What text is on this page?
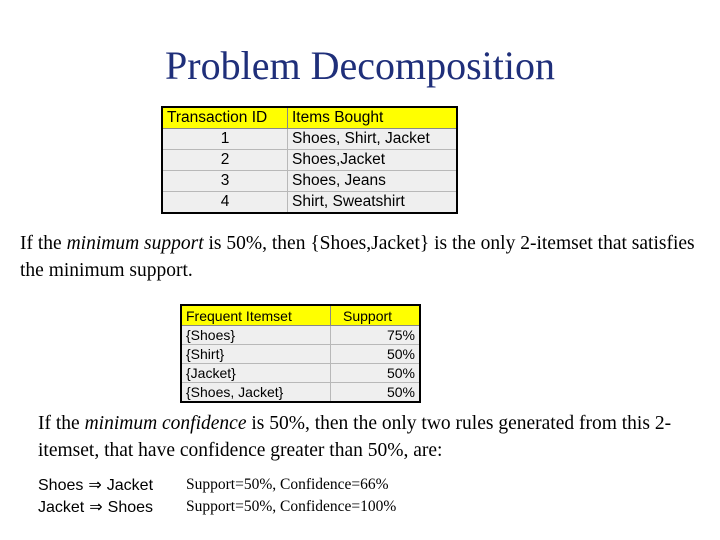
Problem Decomposition
Transaction ID	Items Bought
1	Shoes, Shirt, Jacket
2	Shoes,Jacket
3	Shoes, Jeans
4	Shirt, Sweatshirt
If the minimum support is 50%, then {Shoes,Jacket} is the only 2-itemset that satisfies the minimum support.
Frequent Itemset	Support
{Shoes}	75%
{Shirt}	50%
{Jacket}	50%
{Shoes, Jacket}	50%
If the minimum confidence is 50%, then the only two rules generated from this 2-itemset, that have confidence greater than 50%, are:
Shoes ⇒ Jacket Support=50%, Confidence=66%
Jacket ⇒ Shoes Support=50%, Confidence=100%
